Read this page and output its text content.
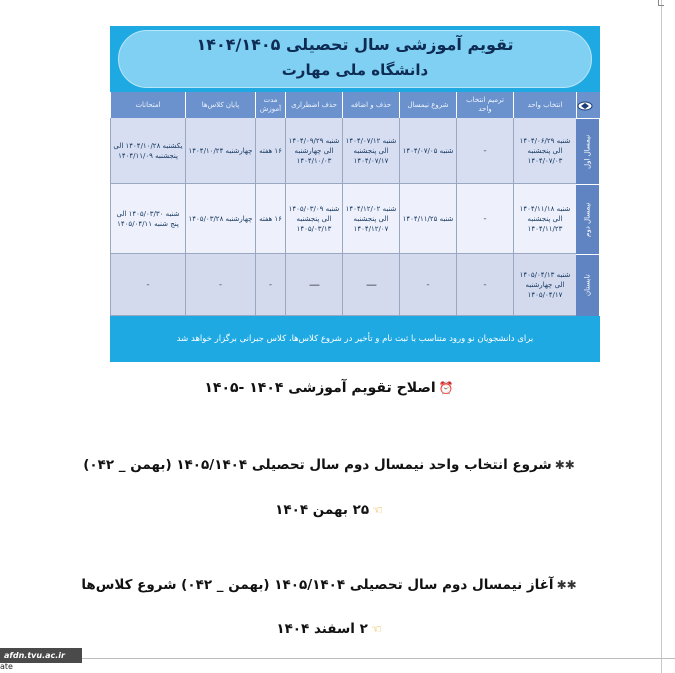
تقویم آموزشی سال تحصیلی ۱۴۰۴/۱۴۰۵
دانشگاه ملی مهارت
انتخاب واحد
ترمیم انتخاب واحد
شروع نیمسال
حذف و اضافه
حذف اضطراری
مدت آموزش
پایان کلاس‌ها
امتحانات
نیمسال اول
شنبه ۱۴۰۴/۰۶/۲۹ الی پنجشنبه ۱۴۰۴/۰۷/۰۳
-
شنبه ۱۴۰۴/۰۷/۰۵
شنبه ۱۴۰۴/۰۷/۱۲ الی پنجشنبه ۱۴۰۴/۰۷/۱۷
شنبه ۱۴۰۴/۰۹/۲۹ الی چهارشنبه ۱۴۰۴/۱۰/۰۳
۱۶ هفته
چهارشنبه ۱۴۰۴/۱۰/۲۴
یکشنبه ۱۴۰۴/۱۰/۲۸ الی پنجشنبه ۱۴۰۴/۱۱/۰۹
نیمسال دوم
شنبه ۱۴۰۴/۱۱/۱۸ الی پنجشنبه ۱۴۰۴/۱۱/۲۳
-
شنبه ۱۴۰۴/۱۱/۲۵
شنبه ۱۴۰۴/۱۲/۰۲ الی پنجشنبه ۱۴۰۴/۱۲/۰۷
شنبه ۱۴۰۵/۰۳/۰۹ الی پنجشنبه ۱۴۰۵/۰۳/۱۳
۱۶ هفته
چهارشنبه ۱۴۰۵/۰۳/۲۸
شنبه ۱۴۰۵/۰۳/۳۰ الی پنج شنبه ۱۴۰۵/۰۴/۱۱
تابستان
شنبه ۱۴۰۵/۰۴/۱۳ الی چهارشنبه ۱۴۰۵/۰۴/۱۷
-
-
—
—
-
-
-
برای دانشجویان نو ورود متناسب با ثبت نام و تأخیر در شروع کلاس‌ها، کلاس جبرانی برگزار خواهد شد
⏰اصلاح تقویم آموزشی ۱۴۰۴ -۱۴۰۵
✱✱شروع انتخاب واحد نیمسال دوم سال تحصیلی ۱۴۰۵/۱۴۰۴ (بهمن _ ۰۴۲)
☜۲۵ بهمن ۱۴۰۴
✱✱آغاز نیمسال دوم سال تحصیلی ۱۴۰۵/۱۴۰۴ (بهمن _ ۰۴۲) شروع کلاس‌ها
☜۲ اسفند ۱۴۰۴
afdn.tvu.ac.ir
ate
